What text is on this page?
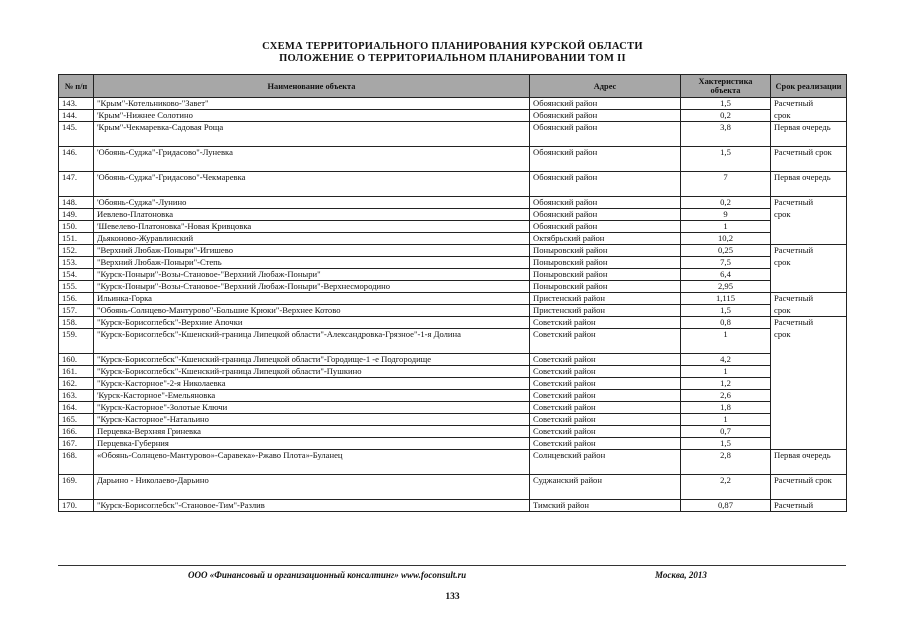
СХЕМА ТЕРРИТОРИАЛЬНОГО ПЛАНИРОВАНИЯ КУРСКОЙ ОБЛАСТИ
ПОЛОЖЕНИЕ О ТЕРРИТОРИАЛЬНОМ ПЛАНИРОВАНИИ ТОМ II
№ п/п	Наименование объекта	Адрес	Хактеристика объекта	Срок реализации
143.	"Крым"-Котельниково-"Завет"	Обоянский район	1,5	Расчетный
144.	'Крым"-Нижнее Солотино	Обоянский район	0,2	срок
145.	'Крым"-Чекмаревка-Садовая Роща	Обоянский район	3,8	Первая очередь
146.	'Обоянь-Суджа"-Гридасово"-Луневка	Обоянский район	1,5	Расчетный срок
147.	'Обоянь-Суджа"-Гридасово"-Чекмаревка	Обоянский район	7	Первая очередь
148.	'Обоянь-Суджа"-Лунино	Обоянский район	0,2	Расчетный
149.	Иевлево-Платоновка	Обоянский район	9	срок
150.	'Шевелево-Платоновка"-Новая Кривцовка	Обоянский район	1	
151.	Дьяконово-Журавлинский	Октябрьский район	10,2	
152.	"Верхний Любаж-Поныри"-Игишево	Поныровский район	0,25	Расчетный
153.	"Верхний Любаж-Поныри"-Степь	Поныровский район	7,5	срок
154.	"Курск-Поныри"-Возы-Становое-"Верхний Любаж-Поныри"	Поныровский район	6,4	
155.	"Курск-Поныри"-Возы-Становое-"Верхний Любаж-Поныри"-Верхнесмородино	Поныровский район	2,95	
156.	Ильинка-Горка	Пристенский район	1,115	Расчетный
157.	"Обоянь-Солнцево-Мантурово"-Большие Крюки"-Верхнее Котово	Пристенский район	1,5	срок
158.	"Курск-Борисоглебск"-Верхние Апочки	Советский район	0,8	Расчетный
159.	"Курск-Борисоглебск"-Кшенский-граница Липецкой области"-Александровка-Грязное"-1-я Долина	Советский район	1	срок
160.	"Курск-Борисоглебск"-Кшенский-граница Липецкой области"-Городище-1 -е Подгородище	Советский район	4,2	
161.	"Курск-Борисоглебск"-Кшенский-граница Липецкой области"-Пушкино	Советский район	1	
162.	"Курск-Касторное"-2-я Николаевка	Советский район	1,2	
163.	'Курск-Касторное"-Емельяновка	Советский район	2,6	
164.	"Курск-Касторное"-Золотые Ключи	Советский район	1,8	
165.	"Курск-Касторное"-Натальино	Советский район	1	
166.	Перцевка-Верхняя Гриневка	Советский район	0,7	
167.	Перцевка-Губерния	Советский район	1,5	
168.	«Обоянь-Солнцево-Мантурово»-Саравека»-Ржаво Плота»-Буланец	Солнцевский район	2,8	Первая очередь
169.	Дарьино - Николаево-Дарьино	Суджанский район	2,2	Расчетный срок
170.	"Курск-Борисоглебск"-Становое-Тим"-Разлив	Тимский район	0,87	Расчетный
ООО «Финансовый и организационный консалтинг» www.foconsult.ru	Москва, 2013
133
